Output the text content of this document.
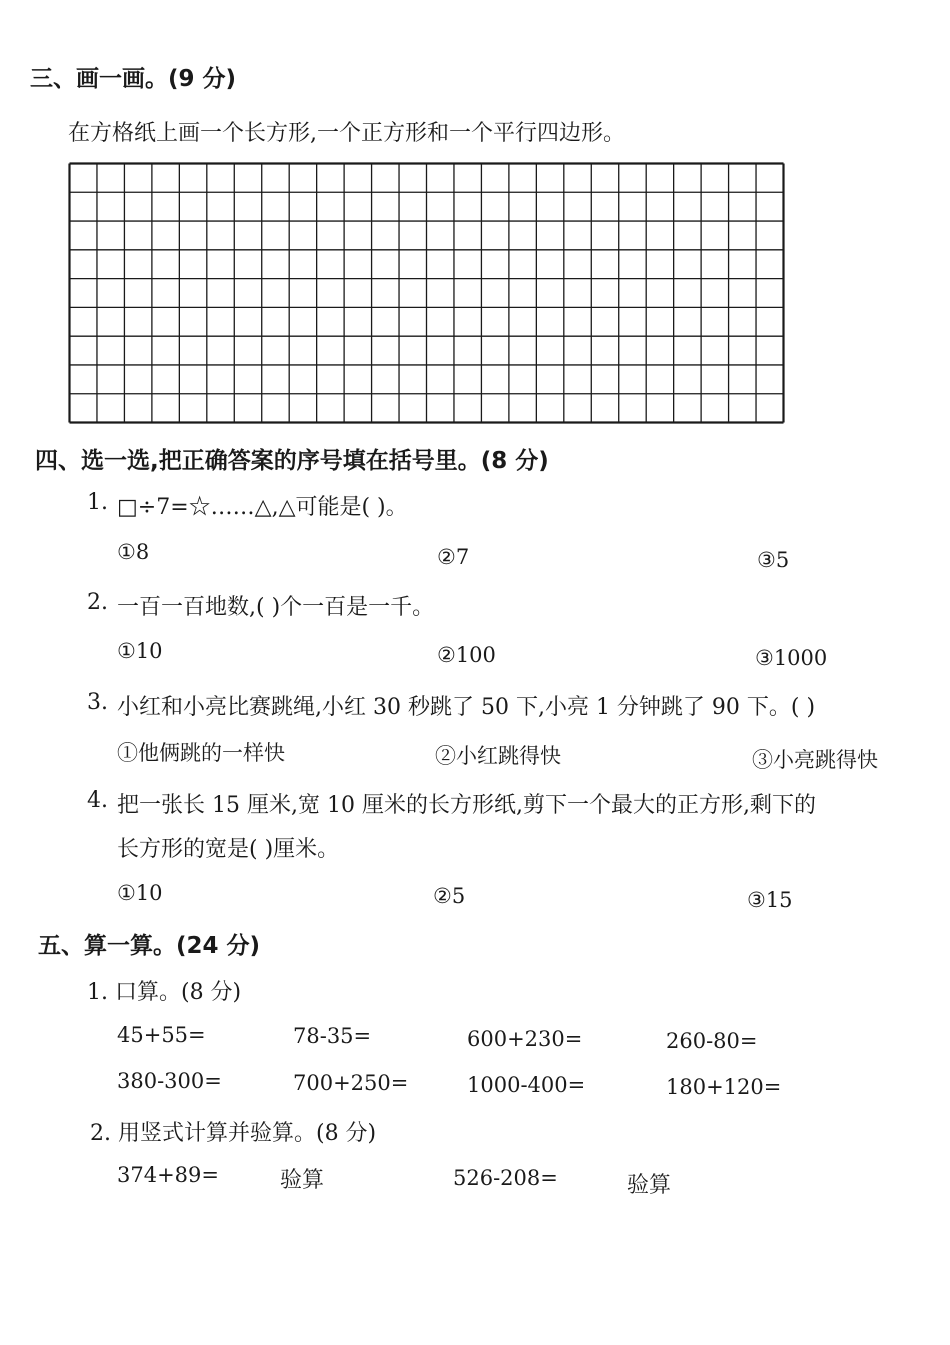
三、画一画。(9 分)
在方格纸上画一个长方形,一个正方形和一个平行四边形。
四、选一选,把正确答案的序号填在括号里。(8 分)
1. □÷7=☆……△,△可能是( )。
①8	②7	③5
2. 一百一百地数,( )个一百是一千。
①10	②100	③1000
3. 小红和小亮比赛跳绳,小红 30 秒跳了 50 下,小亮 1 分钟跳了 90 下。( )
①他俩跳的一样快	②小红跳得快	③小亮跳得快
4. 把一张长 15 厘米,宽 10 厘米的长方形纸,剪下一个最大的正方形,剩下的
长方形的宽是( )厘米。
①10	②5	③15
五、算一算。(24 分)
1. 口算。(8 分)
45+55=	78-35=	600+230=	260-80=
380-300=	700+250=	1000-400=	180+120=
2. 用竖式计算并验算。(8 分)
374+89=	验算	526-208=	验算
